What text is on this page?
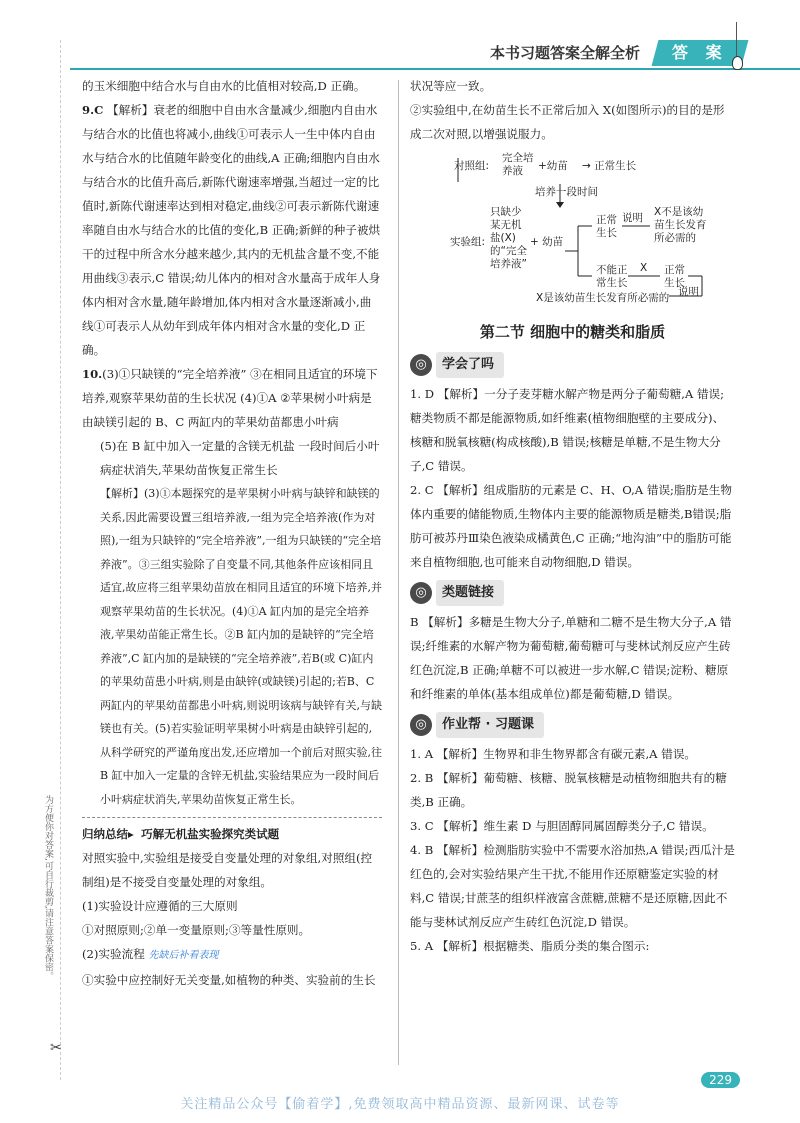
本书习题答案全解全析	答 案

的玉米细胞中结合水与自由水的比值相对较高,D 正确。

9.C 【解析】衰老的细胞中自由水含量减少,细胞内自由水与结合水的比值也将减小,曲线①可表示人一生中体内自由水与结合水的比值随年龄变化的曲线,A 正确;细胞内自由水与结合水的比值升高后,新陈代谢速率增强,当超过一定的比值时,新陈代谢速率达到相对稳定,曲线②可表示新陈代谢速率随自由水与结合水的比值的变化,B 正确;新鲜的种子被烘干的过程中所含水分越来越少,其内的无机盐含量不变,不能用曲线③表示,C 错误;幼儿体内的相对含水量高于成年人身体内相对含水量,随年龄增加,体内相对含水量逐渐减小,曲线①可表示人从幼年到成年体内相对含水量的变化,D 正确。

10.(3)①只缺镁的“完全培养液” ③在相同且适宜的环境下培养,观察苹果幼苗的生长状况 (4)①A ②苹果树小叶病是由缺镁引起的 B、C 两缸内的苹果幼苗都患小叶病

(5)在 B 缸中加入一定量的含镁无机盐 一段时间后小叶病症状消失,苹果幼苗恢复正常生长

【解析】(3)①本题探究的是苹果树小叶病与缺锌和缺镁的关系,因此需要设置三组培养液,一组为完全培养液(作为对照),一组为只缺锌的“完全培养液”,一组为只缺镁的“完全培养液”。③三组实验除了自变量不同,其他条件应该相同且适宜,故应将三组苹果幼苗放在相同且适宜的环境下培养,并观察苹果幼苗的生长状况。(4)①A 缸内加的是完全培养液,苹果幼苗能正常生长。②B 缸内加的是缺锌的“完全培养液”,C 缸内加的是缺镁的“完全培养液”,若B(或 C)缸内的苹果幼苗患小叶病,则是由缺锌(或缺镁)引起的;若B、C两缸内的苹果幼苗都患小叶病,则说明该病与缺锌有关,与缺镁也有关。(5)若实验证明苹果树小叶病是由缺锌引起的,从科学研究的严谨角度出发,还应增加一个前后对照实验,往 B 缸中加入一定量的含锌无机盐,实验结果应为一段时间后小叶病症状消失,苹果幼苗恢复正常生长。

归纳总结▸ 巧解无机盐实验探究类试题

对照实验中,实验组是接受自变量处理的对象组,对照组(控制组)是不接受自变量处理的对象组。

(1)实验设计应遵循的三大原则

①对照原则;②单一变量原则;③等量性原则。

(2)实验流程 先缺后补看表现

①实验中应控制好无关变量,如植物的种类、实验前的生长

状况等应一致。

②实验组中,在幼苗生长不正常后加入 X(如图所示)的目的是形成二次对照,以增强说服力。

对照组:
完全培
养液 +幼苗 → 正常生长
培养一段时间
实验组:
只缺少
某无机
盐(X)
的“完全
培养液”
+ 幼苗
正常
生长
说明 X不是该幼
苗生长发育
所必需的
不能正
常生长
X 正常
生长
说明
X是该幼苗生长发育所必需的
第二节 细胞中的糖类和脂质
◎	学会了吗

1. D 【解析】一分子麦芽糖水解产物是两分子葡萄糖,A 错误;糖类物质不都是能源物质,如纤维素(植物细胞壁的主要成分)、核糖和脱氧核糖(构成核酸),B 错误;核糖是单糖,不是生物大分子,C 错误。

2. C 【解析】组成脂肪的元素是 C、H、O,A 错误;脂肪是生物体内重要的储能物质,生物体内主要的能源物质是糖类,B错误;脂肪可被苏丹Ⅲ染色液染成橘黄色,C 正确;“地沟油”中的脂肪可能来自植物细胞,也可能来自动物细胞,D 错误。

◎	类题链接

B 【解析】多糖是生物大分子,单糖和二糖不是生物大分子,A 错误;纤维素的水解产物为葡萄糖,葡萄糖可与斐林试剂反应产生砖红色沉淀,B 正确;单糖不可以被进一步水解,C 错误;淀粉、糖原和纤维素的单体(基本组成单位)都是葡萄糖,D 错误。

◎	作业帮 · 习题课

1. A 【解析】生物界和非生物界都含有碳元素,A 错误。

2. B 【解析】葡萄糖、核糖、脱氧核糖是动植物细胞共有的糖类,B 正确。

3. C 【解析】维生素 D 与胆固醇同属固醇类分子,C 错误。

4. B 【解析】检测脂肪实验中不需要水浴加热,A 错误;西瓜汁是红色的,会对实验结果产生干扰,不能用作还原糖鉴定实验的材料,C 错误;甘蔗茎的组织样液富含蔗糖,蔗糖不是还原糖,因此不能与斐林试剂反应产生砖红色沉淀,D 错误。

5. A 【解析】根据糖类、脂质分类的集合图示:

为方便你对答案,可自行裁剪,请注意答案保密。
✂
229
关注精品公众号【偷着学】,免费领取高中精品资源、最新网课、试卷等
